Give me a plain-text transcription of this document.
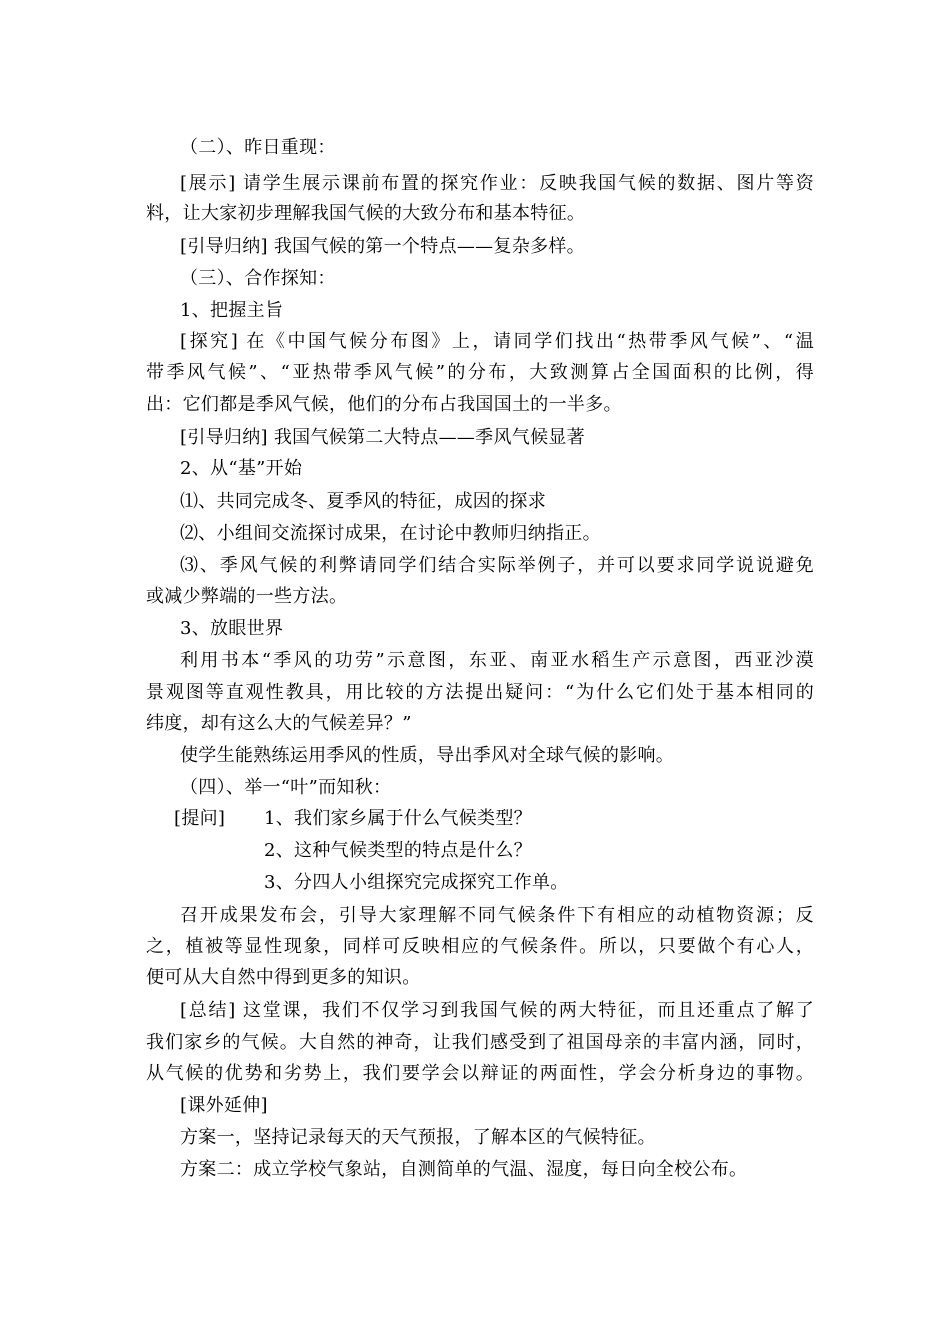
（二）、昨日重现：
[展示] 请学生展示课前布置的探究作业：反映我国气候的数据、图片等资
料，让大家初步理解我国气候的大致分布和基本特征。
[引导归纳] 我国气候的第一个特点——复杂多样。
（三）、合作探知：
1、把握主旨
[探究] 在《中国气候分布图》上，请同学们找出“热带季风气候”、“温
带季风气候”、“亚热带季风气候”的分布，大致测算占全国面积的比例，得
出：它们都是季风气候，他们的分布占我国国土的一半多。
[引导归纳] 我国气候第二大特点——季风气候显著
2、从“基”开始
⑴、共同完成冬、夏季风的特征，成因的探求
⑵、小组间交流探讨成果，在讨论中教师归纳指正。
⑶、季风气候的利弊请同学们结合实际举例子，并可以要求同学说说避免
或减少弊端的一些方法。
3、放眼世界
利用书本“季风的功劳”示意图，东亚、南亚水稻生产示意图，西亚沙漠
景观图等直观性教具，用比较的方法提出疑问：“为什么它们处于基本相同的
纬度，却有这么大的气候差异？”
使学生能熟练运用季风的性质，导出季风对全球气候的影响。
（四）、举一“叶”而知秋：
[提问]	1、我们家乡属于什么气候类型？
2、这种气候类型的特点是什么？
3、分四人小组探究完成探究工作单。
召开成果发布会，引导大家理解不同气候条件下有相应的动植物资源；反
之，植被等显性现象，同样可反映相应的气候条件。所以，只要做个有心人，
便可从大自然中得到更多的知识。
[总结] 这堂课，我们不仅学习到我国气候的两大特征，而且还重点了解了
我们家乡的气候。大自然的神奇，让我们感受到了祖国母亲的丰富内涵，同时，
从气候的优势和劣势上，我们要学会以辩证的两面性，学会分析身边的事物。
[课外延伸]
方案一，坚持记录每天的天气预报，了解本区的气候特征。
方案二：成立学校气象站，自测简单的气温、湿度，每日向全校公布。
